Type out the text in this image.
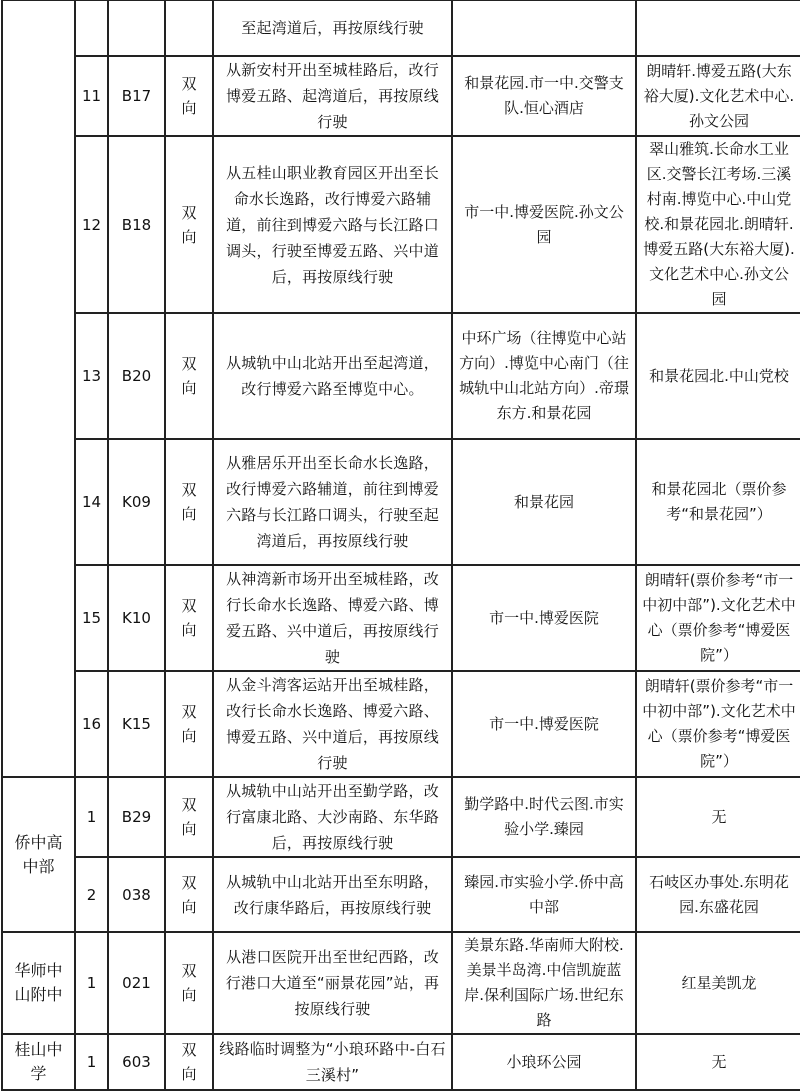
				至起湾道后，再按原线行驶		
	11	B17	双向	从新安村开出至城桂路后，改行博爱五路、起湾道后，再按原线行驶	和景花园.市一中.交警支队.恒心酒店	朗晴轩.博爱五路(大东裕大厦).文化艺术中心.孙文公园
	12	B18	双向	从五桂山职业教育园区开出至长命水长逸路，改行博爱六路辅道，前往到博爱六路与长江路口调头，行驶至博爱五路、兴中道后，再按原线行驶	市一中.博爱医院.孙文公园	翠山雅筑.长命水工业区.交警长江考场.三溪村南.博览中心.中山党校.和景花园北.朗晴轩.博爱五路(大东裕大厦).文化艺术中心.孙文公园
	13	B20	双向	从城轨中山北站开出至起湾道，改行博爱六路至博览中心。	中环广场（往博览中心站方向）.博览中心南门（往城轨中山北站方向）.帝璟东方.和景花园	和景花园北.中山党校
	14	K09	双向	从雅居乐开出至长命水长逸路，改行博爱六路辅道，前往到博爱六路与长江路口调头，行驶至起湾道后，再按原线行驶	和景花园	和景花园北（票价参考“和景花园”）
	15	K10	双向	从神湾新市场开出至城桂路，改行长命水长逸路、博爱六路、博爱五路、兴中道后，再按原线行驶	市一中.博爱医院	朗晴轩(票价参考“市一中初中部”).文化艺术中心（票价参考“博爱医院”）
	16	K15	双向	从金斗湾客运站开出至城桂路，改行长命水长逸路、博爱六路、博爱五路、兴中道后，再按原线行驶	市一中.博爱医院	朗晴轩(票价参考“市一中初中部”).文化艺术中心（票价参考“博爱医院”）
侨中高中部	1	B29	双向	从城轨中山站开出至勤学路，改行富康北路、大沙南路、东华路后，再按原线行驶	勤学路中.时代云图.市实验小学.臻园	无
	2	038	双向	从城轨中山北站开出至东明路，改行康华路后，再按原线行驶	臻园.市实验小学.侨中高中部	石岐区办事处.东明花园.东盛花园
华师中山附中	1	021	双向	从港口医院开出至世纪西路，改行港口大道至“丽景花园”站，再按原线行驶	美景东路.华南师大附校.美景半岛湾.中信凯旋蓝岸.保利国际广场.世纪东路	红星美凯龙
桂山中学	1	603	双向	线路临时调整为“小琅环路中-白石三溪村”	小琅环公园	无
